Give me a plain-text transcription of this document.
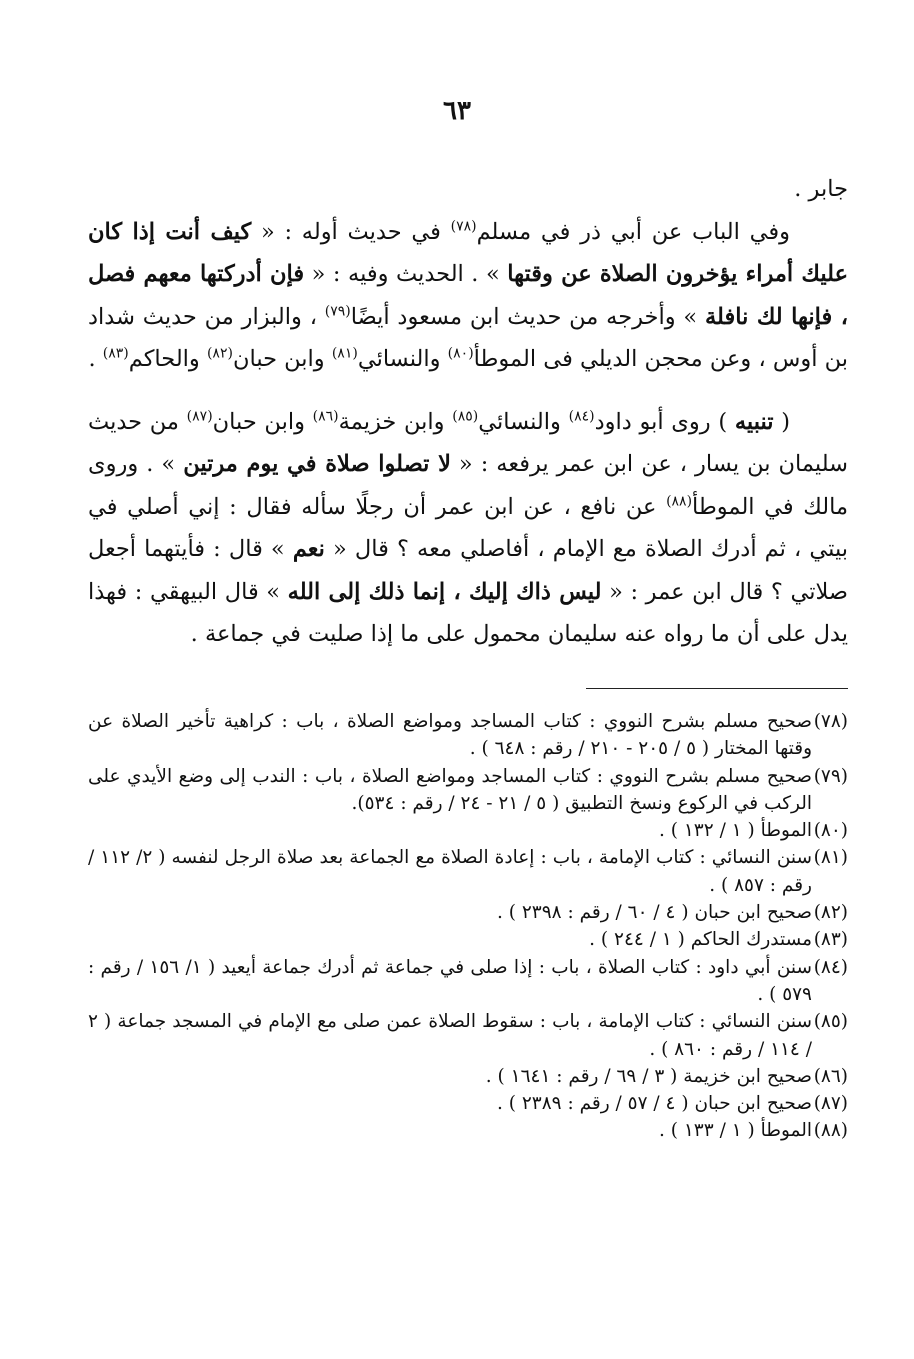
٦٣

جابر .

وفي الباب عن أبي ذر في مسلم$^{(٧٨)}$ في حديث أوله : « كيف أنت إذا كان عليك أمراء يؤخرون الصلاة عن وقتها » . الحديث وفيه : « فإن أدركتها معهم فصل ، فإنها لك نافلة » وأخرجه من حديث ابن مسعود أيضًا$^{(٧٩)}$ ، والبزار من حديث شداد بن أوس ، وعن محجن الديلي فى الموطأ$^{(٨٠)}$ والنسائي$^{(٨١)}$ وابن حبان$^{(٨٢)}$ والحاكم$^{(٨٣)}$ .

( تنبيه ) روى أبو داود$^{(٨٤)}$ والنسائي$^{(٨٥)}$ وابن خزيمة$^{(٨٦)}$ وابن حبان$^{(٨٧)}$ من حديث سليمان بن يسار ، عن ابن عمر يرفعه : « لا تصلوا صلاة في يوم مرتين » . وروى مالك في الموطأ$^{(٨٨)}$ عن نافع ، عن ابن عمر أن رجلًا سأله فقال : إني أصلي في بيتي ، ثم أدرك الصلاة مع الإمام ، أفاصلي معه ؟ قال « نعم » قال : فأيتهما أجعل صلاتي ؟ قال ابن عمر : « ليس ذاك إليك ، إنما ذلك إلى الله » قال البيهقي : فهذا يدل على أن ما رواه عنه سليمان محمول على ما إذا صليت في جماعة .

(٧٨)صحيح مسلم بشرح النووي : كتاب المساجد ومواضع الصلاة ، باب : كراهية تأخير الصلاة عن وقتها المختار ( ٥ / ٢٠٥ - ٢١٠ / رقم : ٦٤٨ ) .

(٧٩)صحيح مسلم بشرح النووي : كتاب المساجد ومواضع الصلاة ، باب : الندب إلى وضع الأيدي على الركب في الركوع ونسخ التطبيق ( ٥ / ٢١ - ٢٤ / رقم : ٥٣٤).

(٨٠)الموطأ ( ١ / ١٣٢ ) .

(٨١)سنن النسائي : كتاب الإمامة ، باب : إعادة الصلاة مع الجماعة بعد صلاة الرجل لنفسه ( ٢/ ١١٢ / رقم : ٨٥٧ ) .

(٨٢)صحيح ابن حبان ( ٤ / ٦٠ / رقم : ٢٣٩٨ ) .

(٨٣)مستدرك الحاكم ( ١ / ٢٤٤ ) .

(٨٤)سنن أبي داود : كتاب الصلاة ، باب : إذا صلى في جماعة ثم أدرك جماعة أيعيد ( ١/ ١٥٦ / رقم : ٥٧٩ ) .

(٨٥)سنن النسائي : كتاب الإمامة ، باب : سقوط الصلاة عمن صلى مع الإمام في المسجد جماعة ( ٢ / ١١٤ / رقم : ٨٦٠ ) .

(٨٦)صحيح ابن خزيمة ( ٣ / ٦٩ / رقم : ١٦٤١ ) .

(٨٧)صحيح ابن حبان ( ٤ / ٥٧ / رقم : ٢٣٨٩ ) .

(٨٨)الموطأ ( ١ / ١٣٣ ) .
